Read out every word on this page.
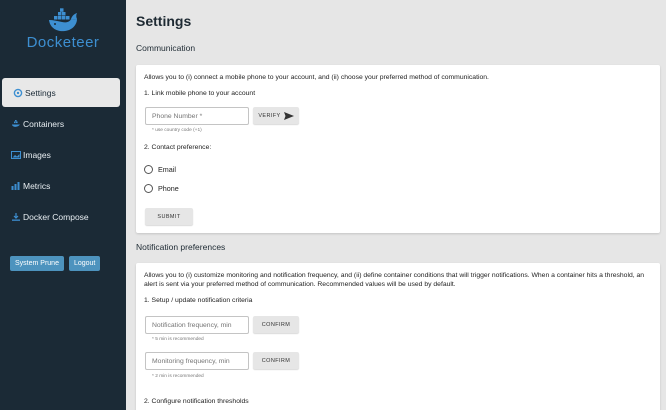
Docketeer
Settings
Containers
Images
Metrics
Docker Compose
System Prune	Logout
Settings
Communication
Allows you to (i) connect a mobile phone to your account, and (ii) choose your preferred method of communication.
1. Link mobile phone to your account
Phone Number *
VERIFY
* use country code (+1)
2. Contact preference:
Email
Phone
SUBMIT
Notification preferences
Allows you to (i) customize monitoring and notification frequency, and (ii) define container conditions that will trigger notifications. When a container hits a threshold, an alert is sent via your preferred method of communication. Recommended values will be used by default.
1. Setup / update notification criteria
Notification frequency, min
CONFIRM
* 5 min is recommended
Monitoring frequency, min
CONFIRM
* 2 min is recommended
2. Configure notification thresholds
